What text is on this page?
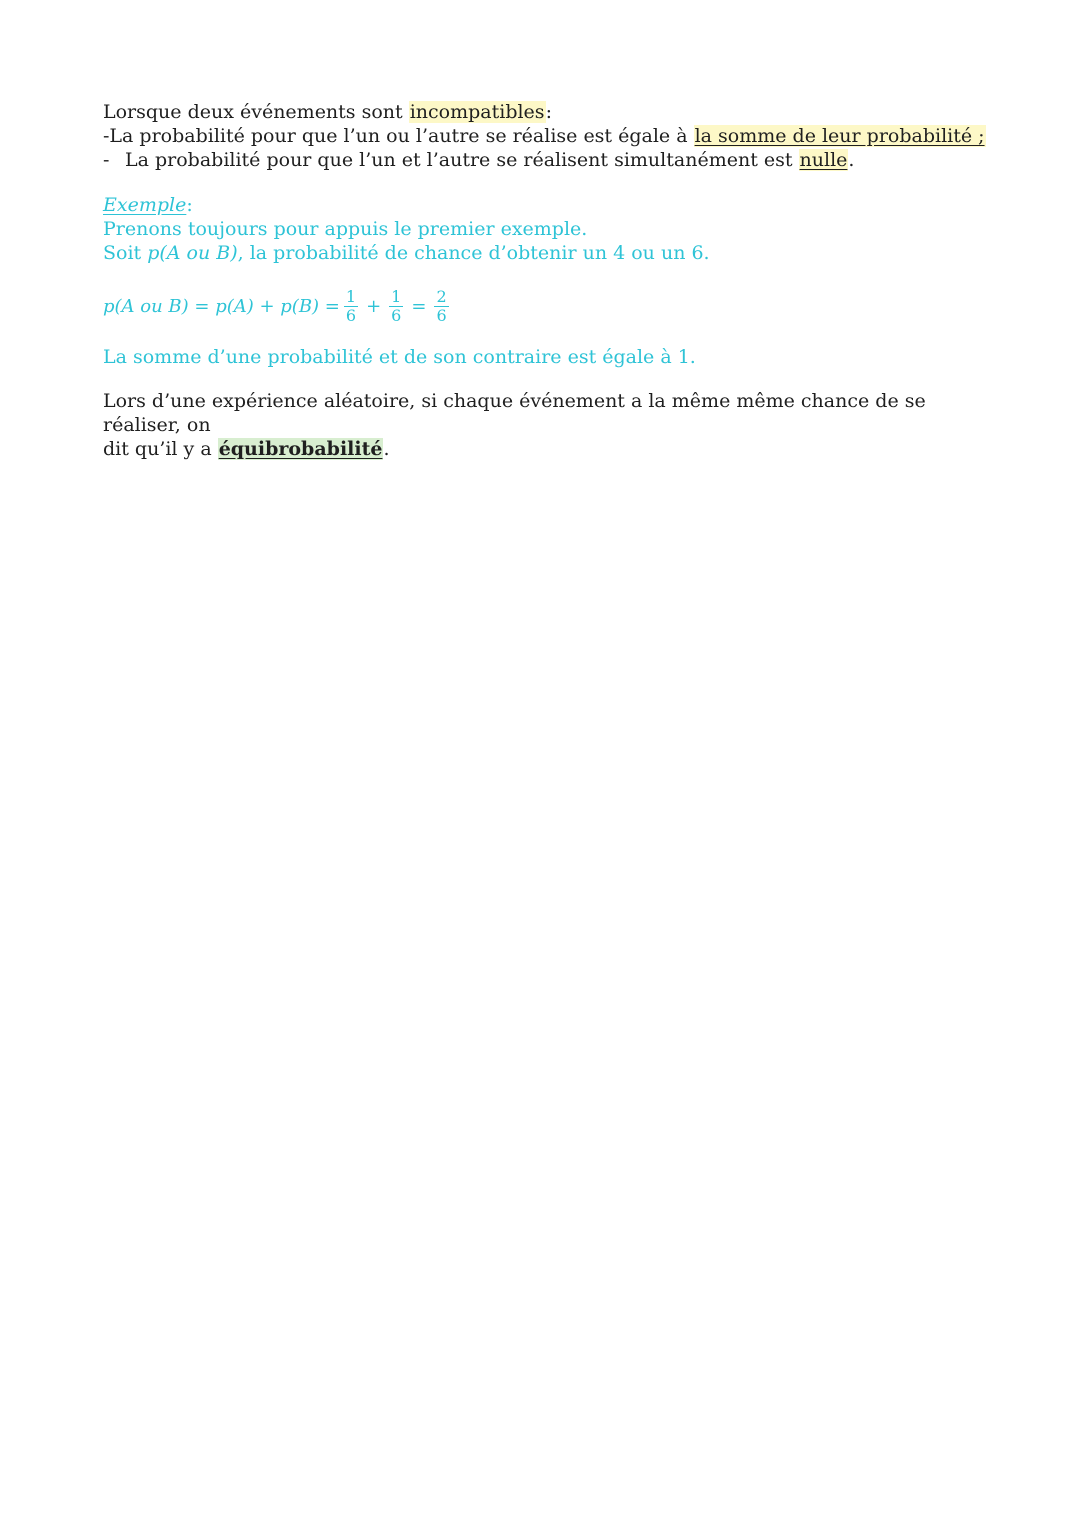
Lorsque deux événements sont incompatibles:
- La probabilité pour que l’un ou l’autre se réalise est égale à la somme de leur probabilité ;
- La probabilité pour que l’un et l’autre se réalisent simultanément est nulle.
Exemple:
Prenons toujours pour appuis le premier exemple.
Soit p(A ou B), la probabilité de chance d’obtenir un 4 ou un 6.
p(A ou $B) = p(A) + p(B) = \frac{1}{6} + \frac{1}{6} = \frac{2}{6}$
La somme d’une probabilité et de son contraire est égale à 1.
Lors d’une expérience aléatoire, si chaque événement a la même même chance de se réaliser, on
dit qu’il y a équibrobabilité.
